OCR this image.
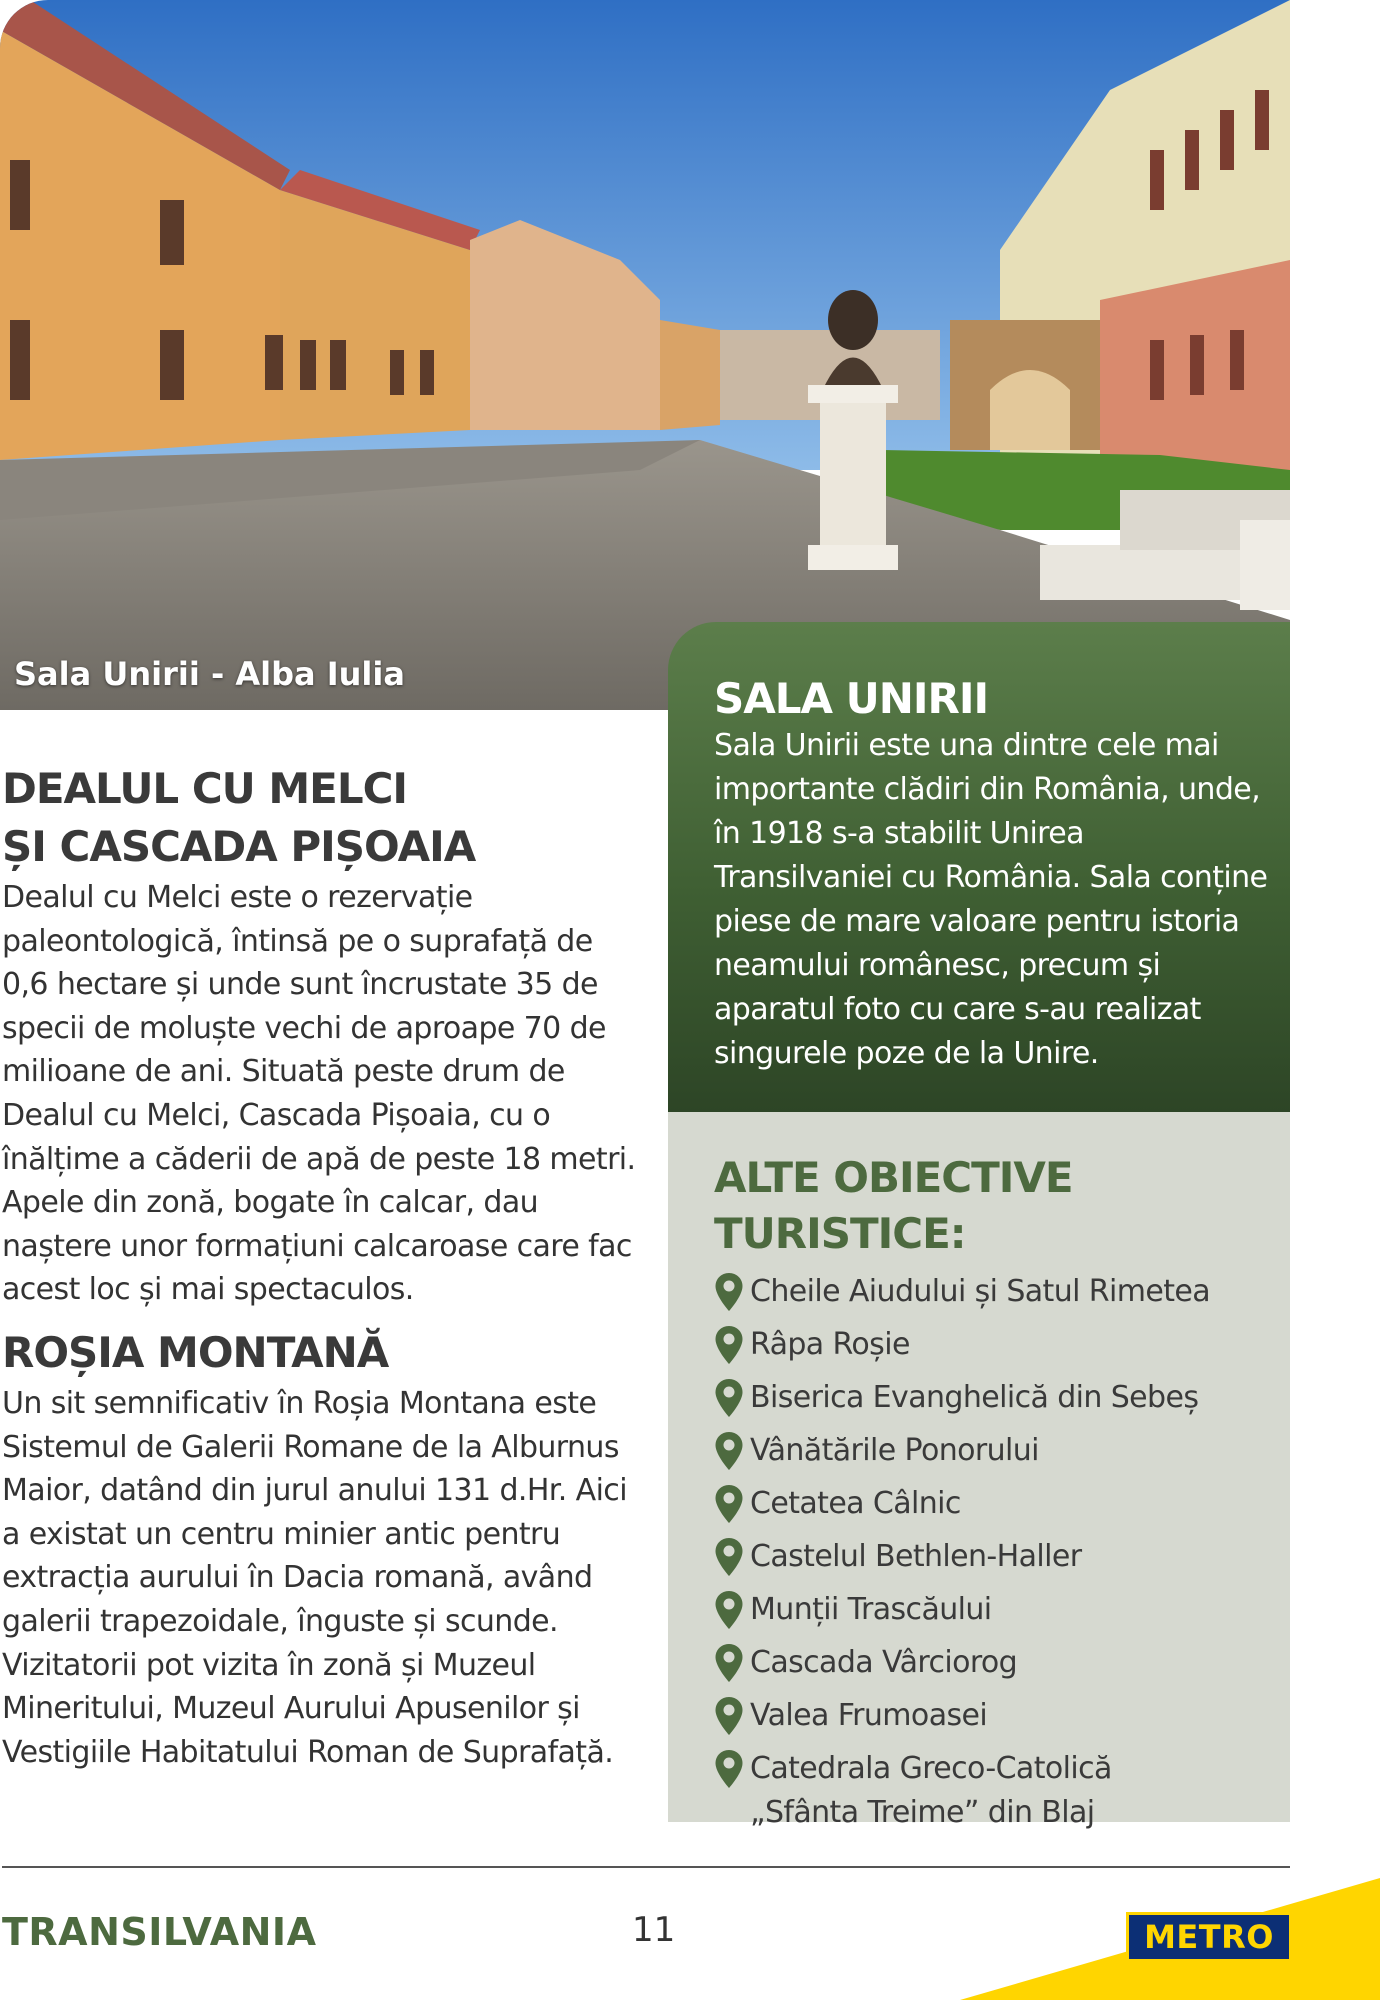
Sala Unirii - Alba Iulia
DEALUL CU MELCI
ȘI CASCADA PIȘOAIA

Dealul cu Melci este o rezervație paleontologică, întinsă pe o suprafață de 0,6 hectare și unde sunt încrustate 35 de specii de moluște vechi de aproape 70 de milioane de ani. Situată peste drum de Dealul cu Melci, Cascada Pișoaia, cu o înălțime a căderii de apă de peste 18 metri. Apele din zonă, bogate în calcar, dau naștere unor formațiuni calcaroase care fac acest loc și mai spectaculos.

ROȘIA MONTANĂ

Un sit semnificativ în Roșia Montana este Sistemul de Galerii Romane de la Alburnus Maior, datând din jurul anului 131 d.Hr. Aici a existat un centru minier antic pentru extracția aurului în Dacia romană, având galerii trapezoidale, înguste și scunde. Vizitatorii pot vizita în zonă și Muzeul Mineritului, Muzeul Aurului Apusenilor și Vestigiile Habitatului Roman de Suprafață.

SALA UNIRII

Sala Unirii este una dintre cele mai importante clădiri din România, unde, în 1918 s-a stabilit Unirea Transilvaniei cu România. Sala conține piese de mare valoare pentru istoria neamului românesc, precum și aparatul foto cu care s-au realizat singurele poze de la Unire.

ALTE OBIECTIVE TURISTICE:
Cheile Aiudului și Satul Rimetea
Râpa Roșie
Biserica Evanghelică din Sebeș
Vânătările Ponorului
Cetatea Câlnic
Castelul Bethlen-Haller
Munții Trascăului
Cascada Vârciorog
Valea Frumoasei
Catedrala Greco-Catolică
„Sfânta Treime” din Blaj
TRANSILVANIA	11	METRO
